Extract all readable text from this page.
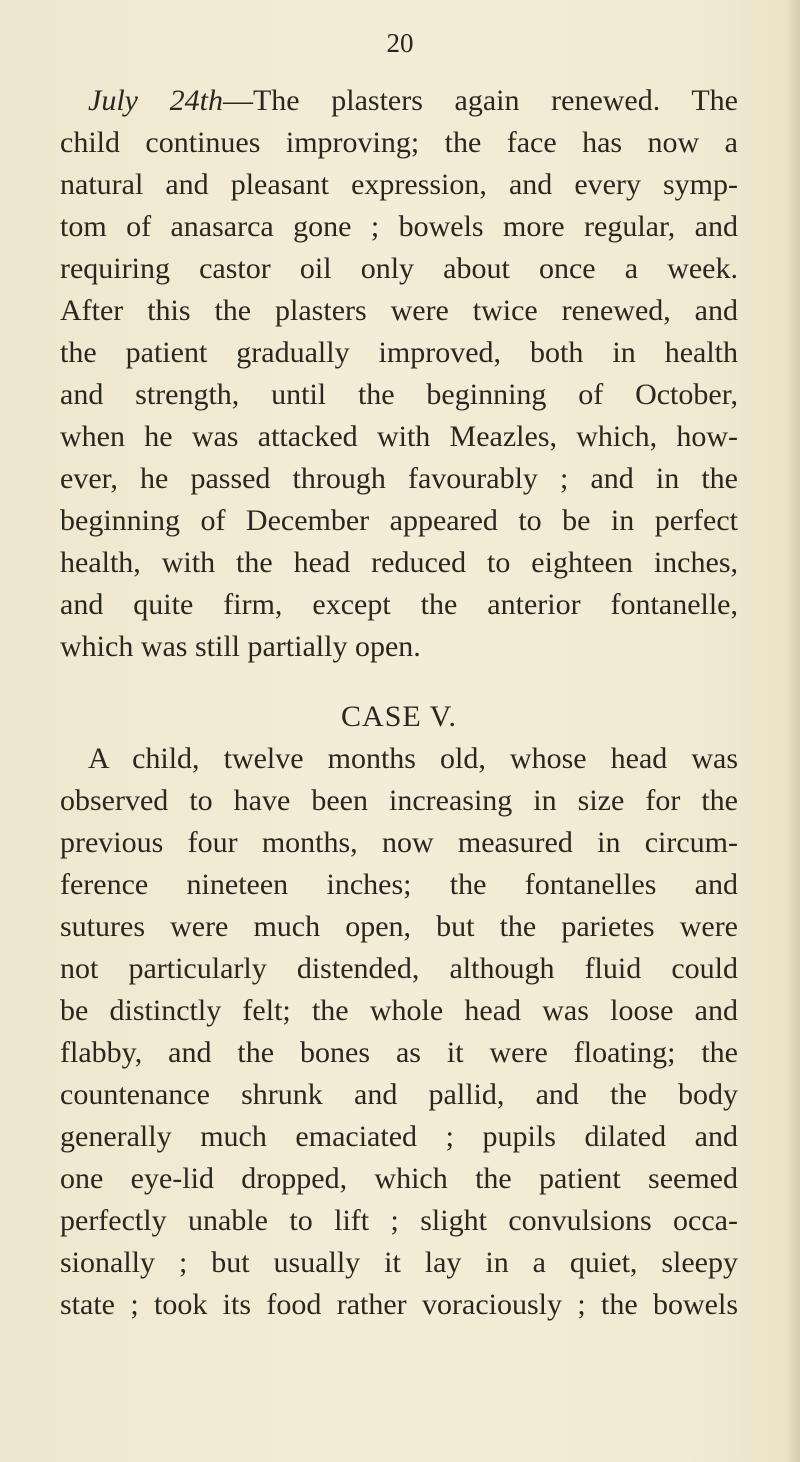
20
July 24th—The plasters again renewed. The
child continues improving; the face has now a
natural and pleasant expression, and every symp-
tom of anasarca gone ; bowels more regular, and
requiring castor oil only about once a week.
After this the plasters were twice renewed, and
the patient gradually improved, both in health
and strength, until the beginning of October,
when he was attacked with Meazles, which, how-
ever, he passed through favourably ; and in the
beginning of December appeared to be in perfect
health, with the head reduced to eighteen inches,
and quite firm, except the anterior fontanelle,
which was still partially open.
CASE V.
A child, twelve months old, whose head was
observed to have been increasing in size for the
previous four months, now measured in circum-
ference nineteen inches; the fontanelles and
sutures were much open, but the parietes were
not particularly distended, although fluid could
be distinctly felt; the whole head was loose and
flabby, and the bones as it were floating; the
countenance shrunk and pallid, and the body
generally much emaciated ; pupils dilated and
one eye-lid dropped, which the patient seemed
perfectly unable to lift ; slight convulsions occa-
sionally ; but usually it lay in a quiet, sleepy
state ; took its food rather voraciously ; the bowels
